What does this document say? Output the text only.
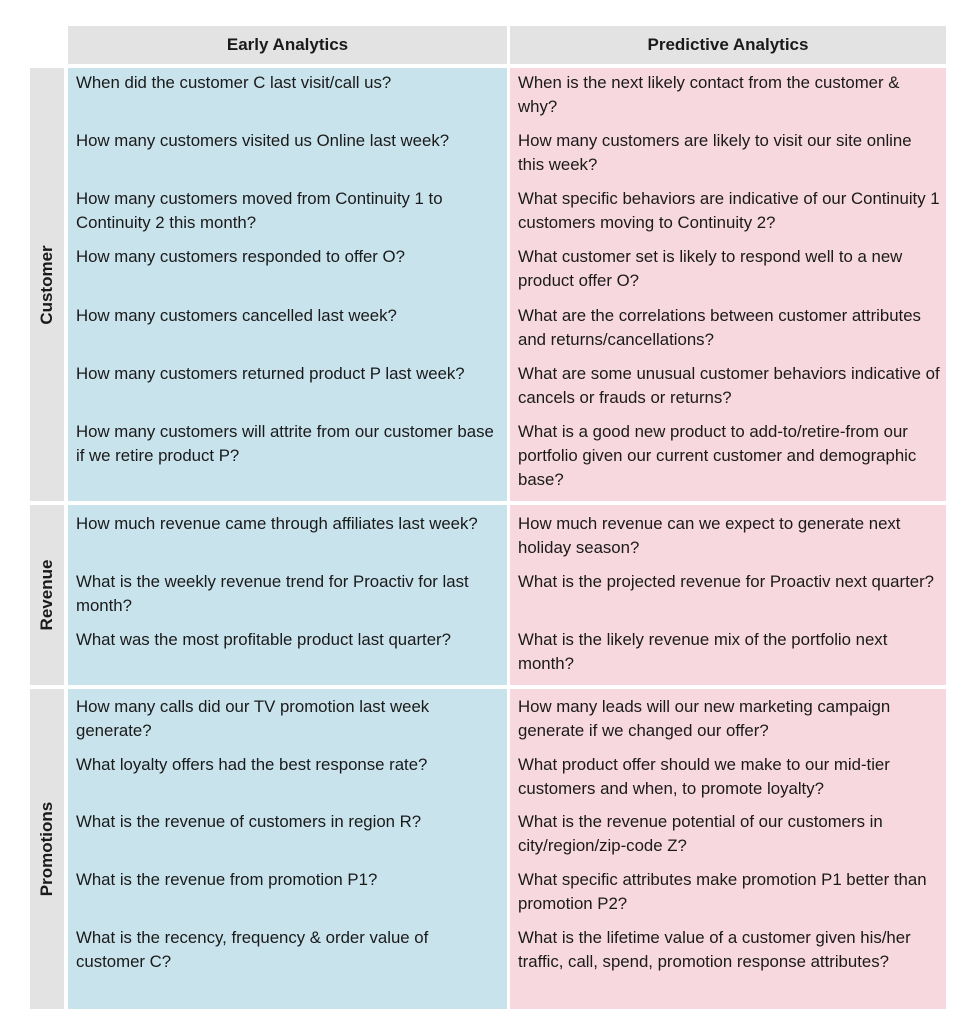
Early Analytics	Predictive Analytics
Customer
When did the customer C last visit/call us?
How many customers visited us Online last week?
How many customers moved from Continuity 1 to Continuity 2 this month?
How many customers responded to offer O?
How many customers cancelled last week?
How many customers returned product P last week?
How many customers will attrite from our customer base if we retire product P?
When is the next likely contact from the customer & why?
How many customers are likely to visit our site online this week?
What specific behaviors are indicative of our Continuity 1 customers moving to Continuity 2?
What customer set is likely to respond well to a new product offer O?
What are the correlations between customer attributes and returns/cancellations?
What are some unusual customer behaviors indicative of cancels or frauds or returns?
What is a good new product to add-to/retire-from our portfolio given our current customer and demographic base?
Revenue
How much revenue came through affiliates last week?
What is the weekly revenue trend for Proactiv for last month?
What was the most profitable product last quarter?
How much revenue can we expect to generate next holiday season?
What is the projected revenue for Proactiv next quarter?
What is the likely revenue mix of the portfolio next month?
Promotions
How many calls did our TV promotion last week generate?
What loyalty offers had the best response rate?
What is the revenue of customers in region R?
What is the revenue from promotion P1?
What is the recency, frequency & order value of customer C?
How many leads will our new marketing campaign generate if we changed our offer?
What product offer should we make to our mid-tier customers and when, to promote loyalty?
What is the revenue potential of our customers in city/region/zip-code Z?
What specific attributes make promotion P1 better than promotion P2?
What is the lifetime value of a customer given his/her traffic, call, spend, promotion response attributes?
